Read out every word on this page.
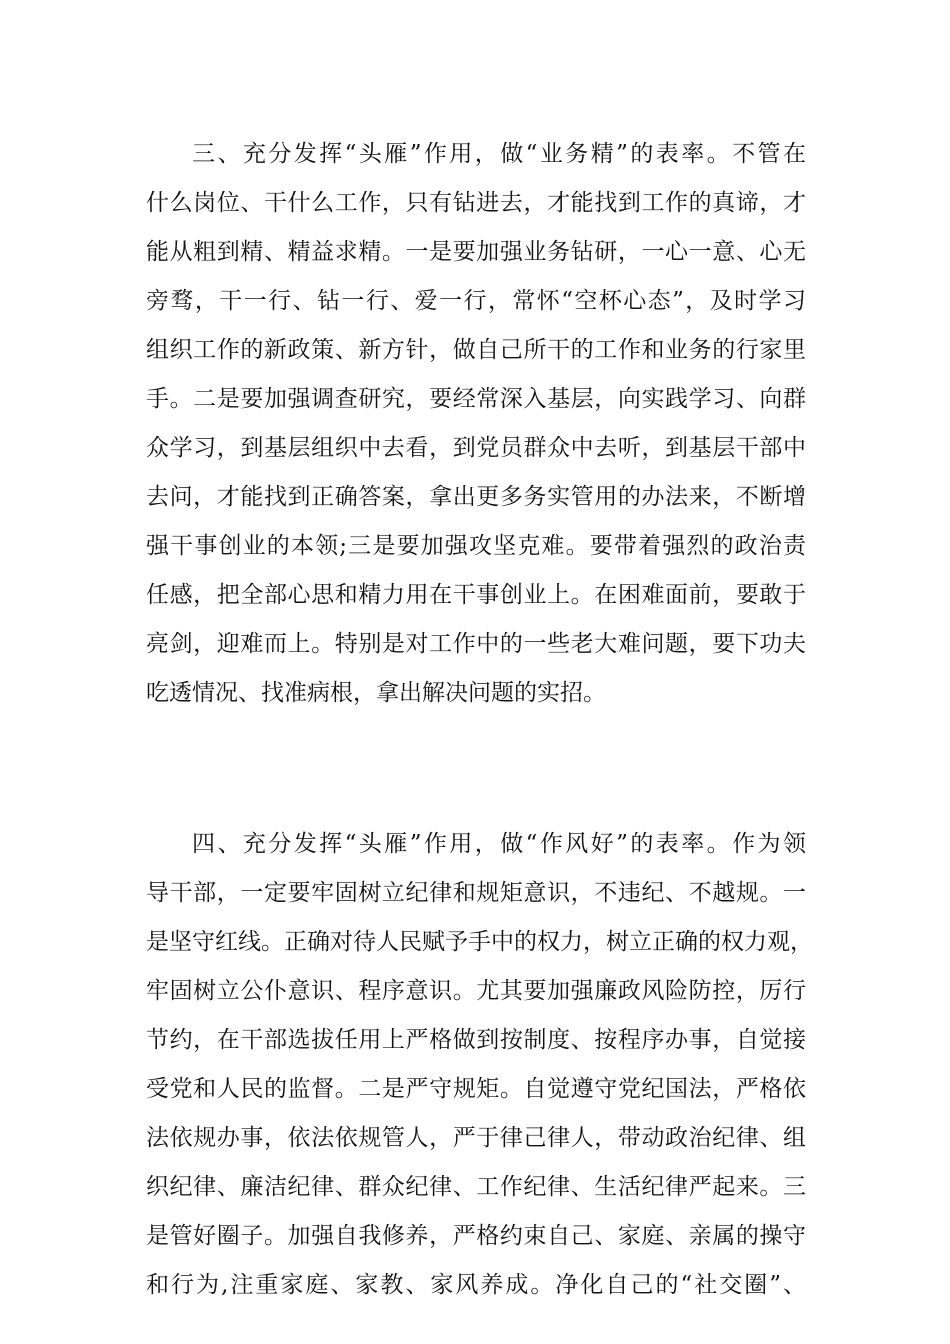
三、充分发挥“头雁”作用，做“业务精”的表率。不管在
什么岗位、干什么工作，只有钻进去，才能找到工作的真谛，才
能从粗到精、精益求精。一是要加强业务钻研，一心一意、心无
旁骛，干一行、钻一行、爱一行，常怀“空杯心态”，及时学习
组织工作的新政策、新方针，做自己所干的工作和业务的行家里
手。二是要加强调查研究，要经常深入基层，向实践学习、向群
众学习，到基层组织中去看，到党员群众中去听，到基层干部中
去问，才能找到正确答案，拿出更多务实管用的办法来，不断增
强干事创业的本领;三是要加强攻坚克难。要带着强烈的政治责
任感，把全部心思和精力用在干事创业上。在困难面前，要敢于
亮剑，迎难而上。特别是对工作中的一些老大难问题，要下功夫
吃透情况、找准病根，拿出解决问题的实招。
四、充分发挥“头雁”作用，做“作风好”的表率。作为领
导干部，一定要牢固树立纪律和规矩意识，不违纪、不越规。一
是坚守红线。正确对待人民赋予手中的权力，树立正确的权力观，
牢固树立公仆意识、程序意识。尤其要加强廉政风险防控，厉行
节约，在干部选拔任用上严格做到按制度、按程序办事，自觉接
受党和人民的监督。二是严守规矩。自觉遵守党纪国法，严格依
法依规办事，依法依规管人，严于律己律人，带动政治纪律、组
织纪律、廉洁纪律、群众纪律、工作纪律、生活纪律严起来。三
是管好圈子。加强自我修养，严格约束自己、家庭、亲属的操守
和行为,注重家庭、家教、家风养成。净化自己的“社交圈”、
